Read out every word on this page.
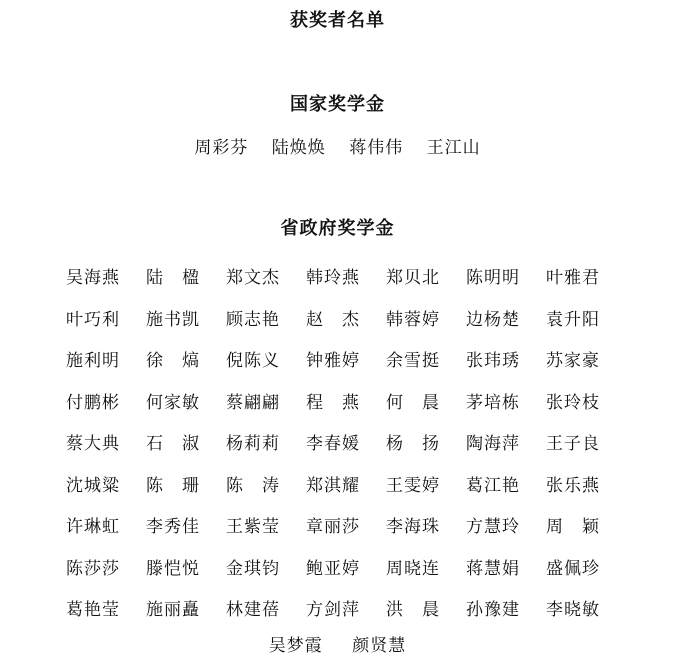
获奖者名单
国家奖学金
周彩芬 陆焕焕 蒋伟伟 王江山
省政府奖学金
吴海燕	陆　楹	郑文杰	韩玲燕	郑贝北	陈明明	叶雅君
叶巧利	施书凯	顾志艳	赵　杰	韩蓉婷	边杨楚	袁升阳
施利明	徐　熇	倪陈义	钟雅婷	余雪挺	张玮琇	苏家豪
付鹏彬	何家敏	蔡翩翩	程　燕	何　晨	茅培栋	张玲枝
蔡大典	石　淑	杨莉莉	李春媛	杨　扬	陶海萍	王子良
沈城粱	陈　珊	陈　涛	郑淇耀	王雯婷	葛江艳	张乐燕
许琳虹	李秀佳	王紫莹	章丽莎	李海珠	方慧玲	周　颖
陈莎莎	滕恺悦	金琪钧	鲍亚婷	周晓连	蒋慧娟	盛佩珍
葛艳莹	施丽矗	林建蓓	方剑萍	洪　晨	孙豫建	李晓敏
吴梦霞 颜贤慧
